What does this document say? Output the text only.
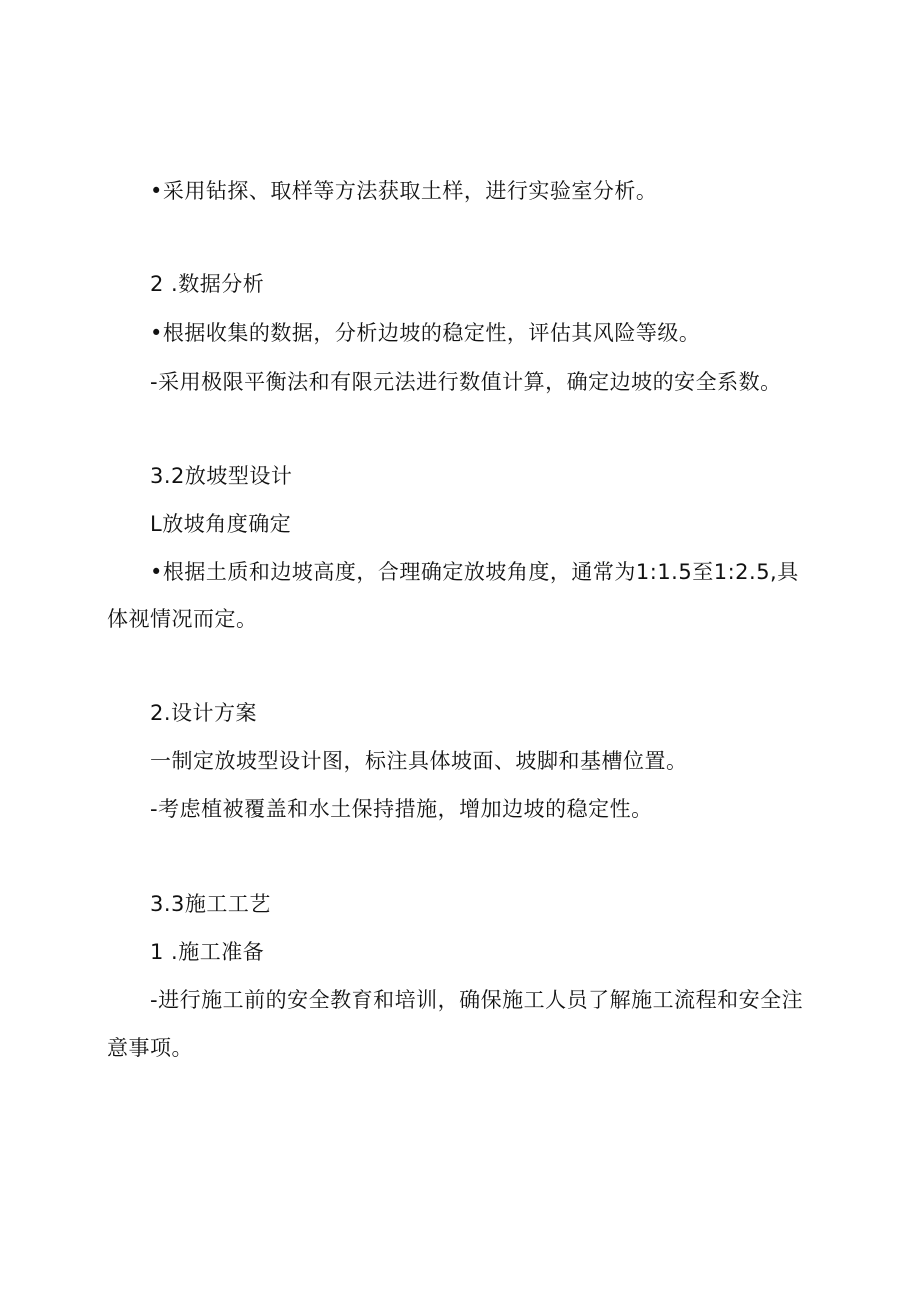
•采用钻探、取样等方法获取土样，进行实验室分析。
2 .数据分析
•根据收集的数据，分析边坡的稳定性，评估其风险等级。
-采用极限平衡法和有限元法进行数值计算，确定边坡的安全系数。
3.2放坡型设计
L放坡角度确定
•根据土质和边坡高度，合理确定放坡角度，通常为1:1.5至1:2.5,具
体视情况而定。
2.设计方案
一制定放坡型设计图，标注具体坡面、坡脚和基槽位置。
-考虑植被覆盖和水土保持措施，增加边坡的稳定性。
3.3施工工艺
1 .施工准备
-进行施工前的安全教育和培训，确保施工人员了解施工流程和安全注
意事项。
